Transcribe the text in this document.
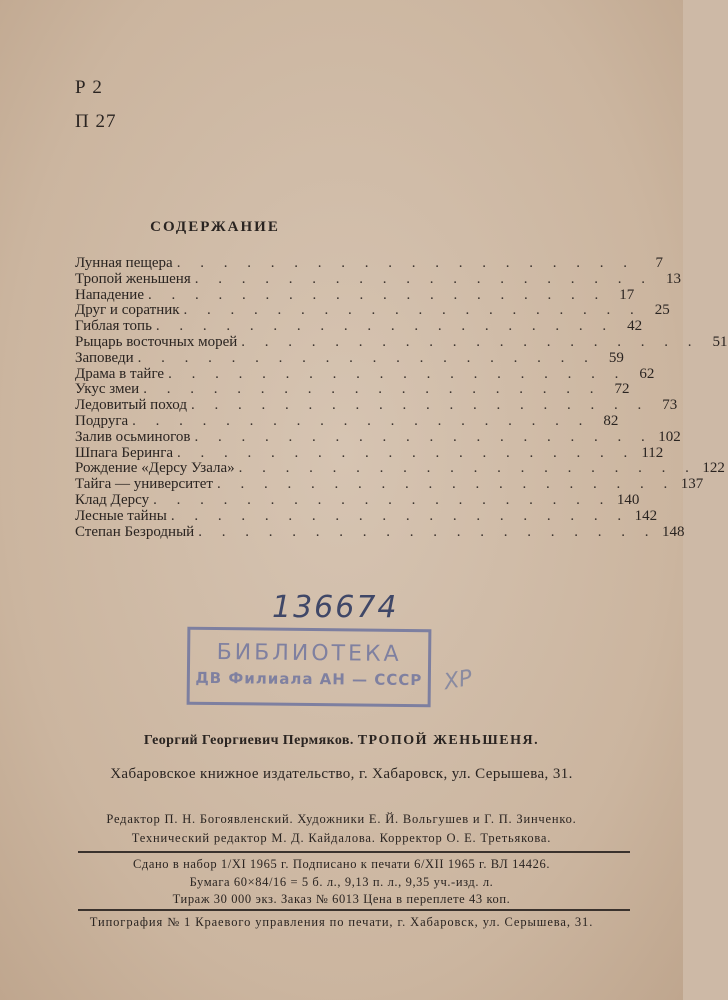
Р 2
П 27
СОДЕРЖАНИЕ
Лунная пещера . . . . . . . . . . . . . . . . . . . .	7
Тропой женьшеня . . . . . . . . . . . . . . . . . . . . 13
Нападение . . . . . . . . . . . . . . . . . . . . 17
Друг и соратник . . . . . . . . . . . . . . . . . . . . 25
Гиблая топь . . . . . . . . . . . . . . . . . . . . 42
Рыцарь восточных морей . . . . . . . . . . . . . . . . . . . . 51
Заповеди . . . . . . . . . . . . . . . . . . . . 59
Драма в тайге . . . . . . . . . . . . . . . . . . . . 62
Укус змеи . . . . . . . . . . . . . . . . . . . . 72
Ледовитый поход . . . . . . . . . . . . . . . . . . . . 73
Подруга . . . . . . . . . . . . . . . . . . . . 82
Залив осьминогов . . . . . . . . . . . . . . . . . . . . 102
Шпага Беринга . . . . . . . . . . . . . . . . . . . . 112
Рождение «Дерсу Узала» . . . . . . . . . . . . . . . . . . . . 122
Тайга — университет . . . . . . . . . . . . . . . . . . . . 137
Клад Дерсу . . . . . . . . . . . . . . . . . . . . 140
Лесные тайны . . . . . . . . . . . . . . . . . . . . 142
Степан Безродный . . . . . . . . . . . . . . . . . . . . 148
136674
БИБЛИОТЕКА
ДВ Филиала АН — СССР ХР
Георгий Георгиевич Пермяков. ТРОПОЙ ЖЕНЬШЕНЯ.
Хабаровское книжное издательство, г. Хабаровск, ул. Серышева, 31.
Редактор П. Н. Богоявленский. Художники Е. Й. Вольгушев и Г. П. Зинченко.
Технический редактор М. Д. Кайдалова. Корректор О. Е. Третьякова.
Сдано в набор 1/XI 1965 г. Подписано к печати 6/XII 1965 г. ВЛ 14426.
Бумага 60×84/16 = 5 б. л., 9,13 п. л., 9,35 уч.-изд. л.
Тираж 30 000 экз. Заказ № 6013 Цена в переплете 43 коп.
Типография № 1 Краевого управления по печати, г. Хабаровск, ул. Серышева, 31.
